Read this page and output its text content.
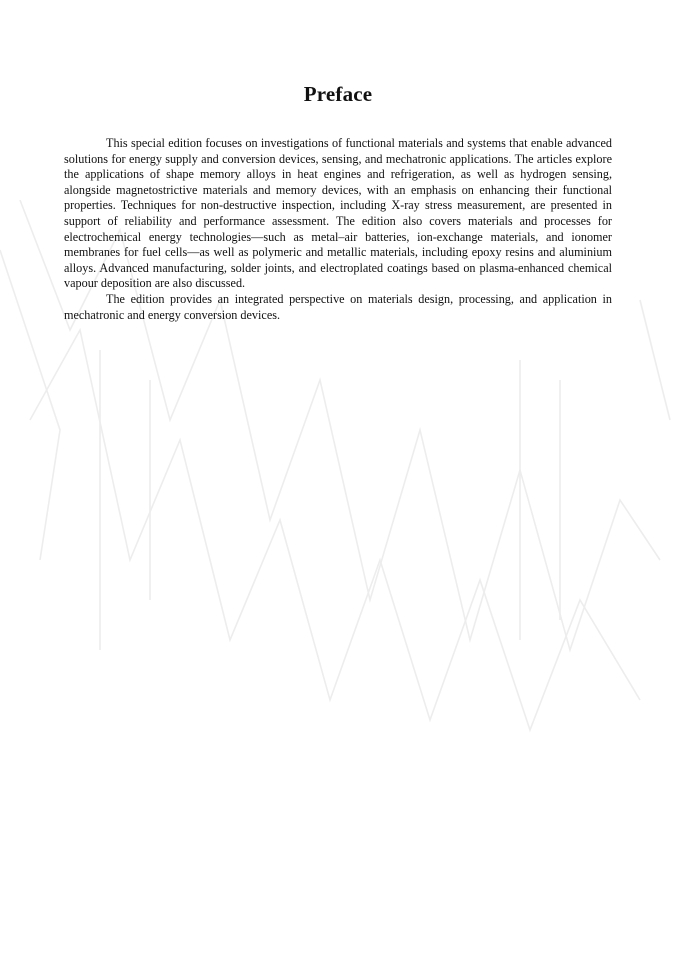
Preface

This special edition focuses on investigations of functional materials and systems that enable advanced solutions for energy supply and conversion devices, sensing, and mechatronic applications. The articles explore the applications of shape memory alloys in heat engines and refrigeration, as well as hydrogen sensing, alongside magnetostrictive materials and memory devices, with an emphasis on enhancing their functional properties. Techniques for non-destructive inspection, including X-ray stress measurement, are presented in support of reliability and performance assessment. The edition also covers materials and processes for electrochemical energy technologies—such as metal–air batteries, ion-exchange materials, and ionomer membranes for fuel cells—as well as polymeric and metallic materials, including epoxy resins and aluminium alloys. Advanced manufacturing, solder joints, and electroplated coatings based on plasma-enhanced chemical vapour deposition are also discussed.

The edition provides an integrated perspective on materials design, processing, and application in mechatronic and energy conversion devices.
